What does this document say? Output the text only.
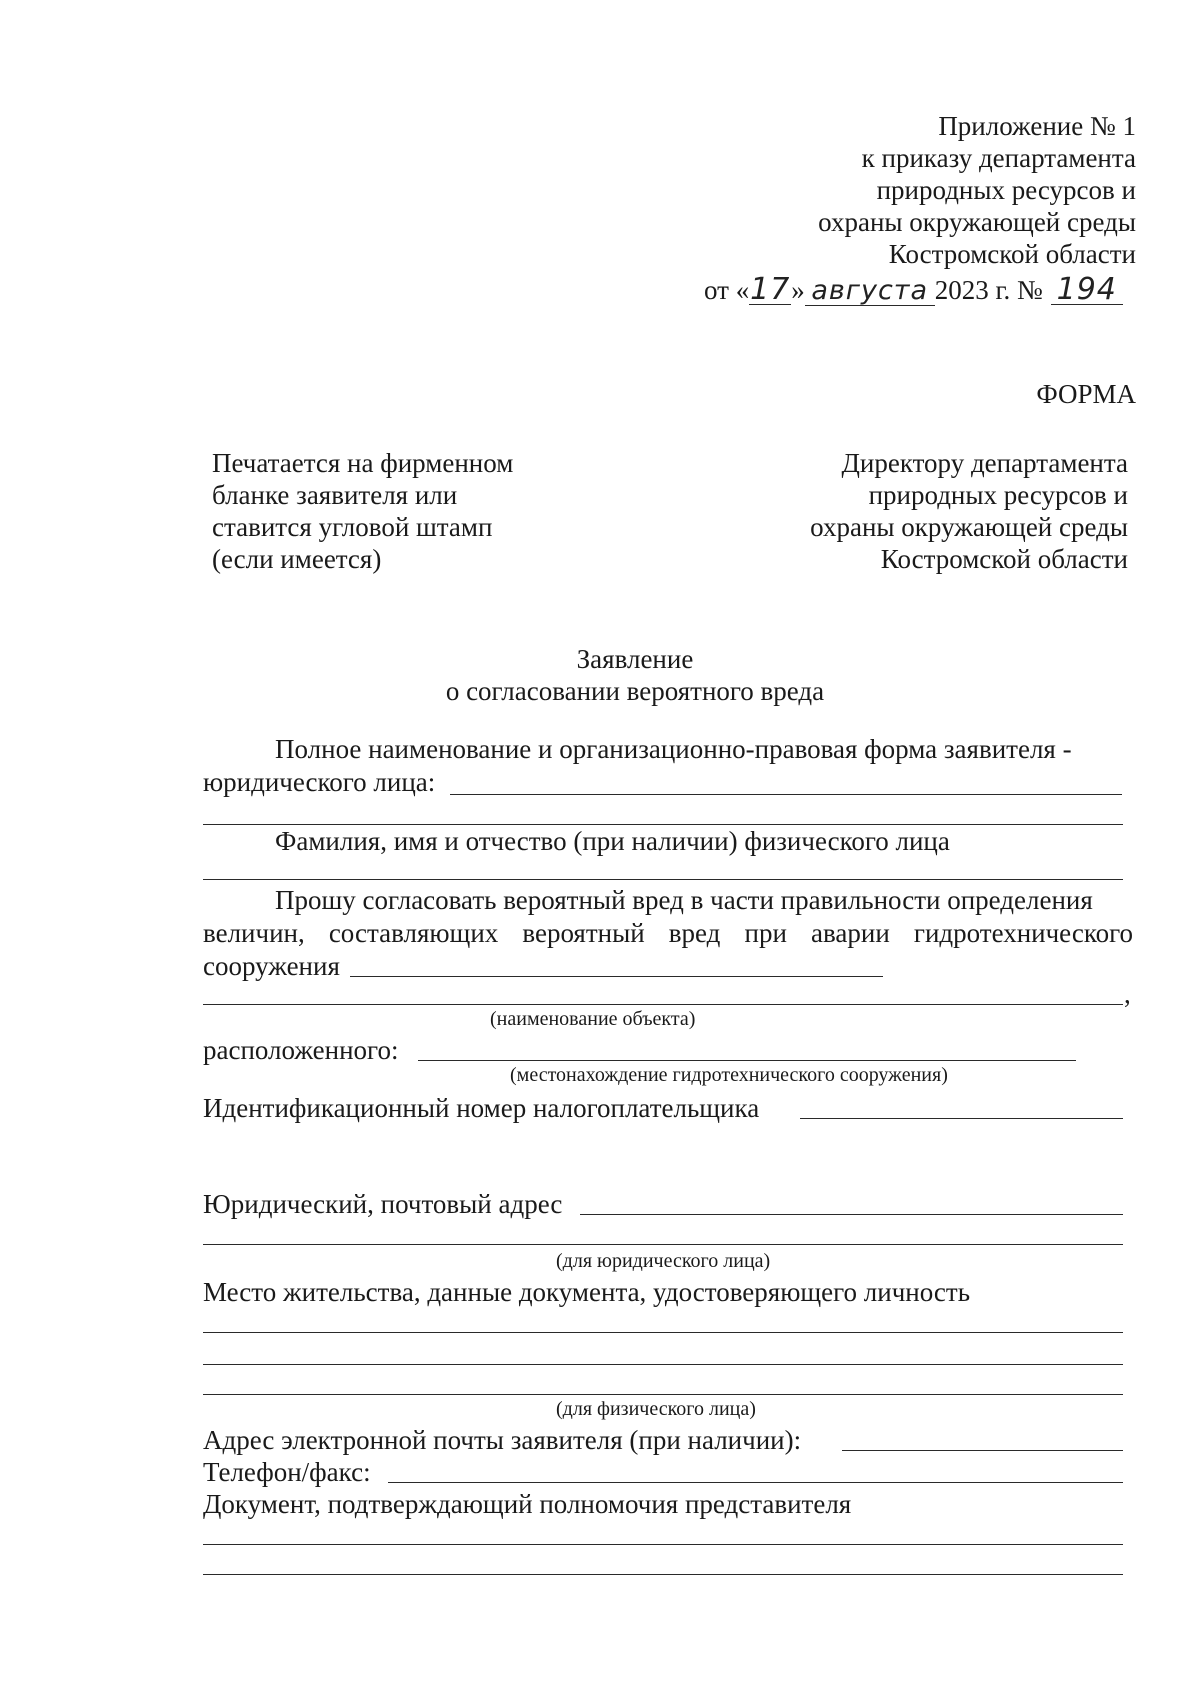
Приложение № 1
к приказу департамента
природных ресурсов и
охраны окружающей среды
Костромской области
от «17» августа 2023 г. № 194
ФОРМА
Печатается на фирменном
бланке заявителя или
ставится угловой штамп
(если имеется)
Директору департамента
природных ресурсов и
охраны окружающей среды
Костромской области
Заявление
о согласовании вероятного вреда
Полное наименование и организационно-правовая форма заявителя -
юридического лица:
Фамилия, имя и отчество (при наличии) физического лица
Прошу согласовать вероятный вред в части правильности определения
величин, составляющих вероятный вред при аварии гидротехнического
сооружения
,
(наименование объекта)
расположенного:
(местонахождение гидротехнического сооружения)
Идентификационный номер налогоплательщика
Юридический, почтовый адрес
(для юридического лица)
Место жительства, данные документа, удостоверяющего личность
(для физического лица)
Адрес электронной почты заявителя (при наличии):
Телефон/факс:
Документ, подтверждающий полномочия представителя
